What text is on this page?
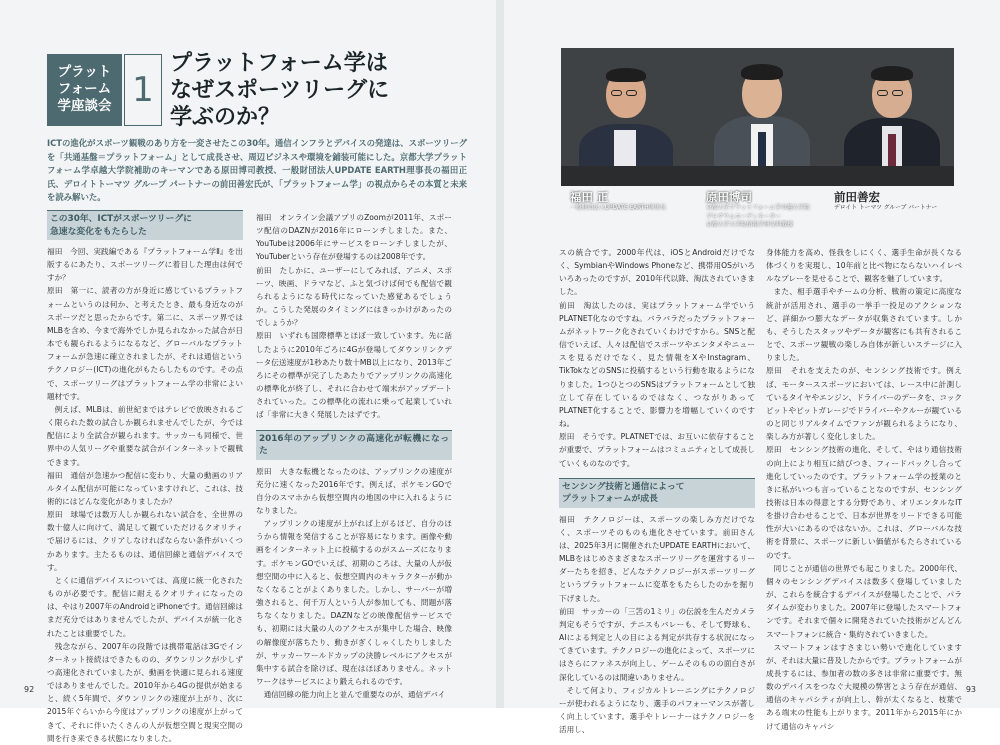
プラット
フォーム
学座談会 1
プラットフォーム学は
なぜスポーツリーグに
学ぶのか？

ICTの進化がスポーツ観戦のあり方を一変させたこの30年。通信インフラとデバイスの発達は、スポーツリーグを「共通基盤＝プラットフォーム」として成長させ、周辺ビジネスや環境を鋪装可能にした。京都大学プラットフォーム学卓越大学院補助のキーマンである原田博司教授、一般財団法人UPDATE EARTH理事長の福田正氏、デロイトトーマツ グループ パートナーの前田善宏氏が、「プラットフォーム学」の視点からその本質と未来を読み解いた。

この30年、ICTがスポーツリーグに
急速な変化をもたらした

福田　今回、実践編である『プラットフォーム学Ⅱ』を出版するにあたり、スポーツリーグに着目した理由は何ですか？

原田　第一に、読者の方が身近に感じているプラットフォームというのは何か、と考えたとき、最も身近なのがスポーツだと思ったからです。第二に、スポーツ界ではMLBを含め、今まで海外でしか見られなかった試合が日本でも観られるようになるなど、グローバルなプラットフォームが急速に確立されましたが、それは通信というテクノロジー(ICT)の進化がもたらしたものです。その点で、スポーツリーグはプラットフォーム学の非常によい題材です。

例えば、MLBは、前世紀まではテレビで放映されるごく限られた数の試合しか観られませんでしたが、今では配信により全試合が観られます。サッカーも同様で、世界中の人気リーグや重要な試合がインターネットで観戦できます。

福田　通信が急速かつ配信に変わり、大量の動画のリアルタイム配信が可能になっていますけれど、これは、技術的にはどんな変化がありましたか？

原田　球場では数万人しか観られない試合を、全世界の数十億人に向けて、満足して観ていただけるクオリティで届けるには、クリアしなければならない条件がいくつかあります。主たるものは、通信回線と通信デバイスです。

とくに通信デバイスについては、高度に統一化されたものが必要です。配信に耐えるクオリティになったのは、やはり2007年のAndroidとiPhoneです。通信回線はまだ充分ではありませんでしたが、デバイスが統一化されたことは重要でした。

残念ながら、2007年の段階では携帯電話は3Gでインターネット接続はできたものの、ダウンリンクが少しずつ高速化されていましたが、動画を快適に見られる速度ではありませんでした。2010年から4Gの提供が始まると、続く5年間で、ダウンリンクの速度が上がり、次に2015年ぐらいから今度はアップリンクの速度が上がってきて、それに伴いたくさんの人が仮想空間と現実空間の間を行き来できる状態になりました。

福田　オンライン会議アプリのZoomが2011年、スポーツ配信のDAZNが2016年にローンチしました。また、YouTubeは2006年にサービスをローンチしましたが、YouTuberという存在が登場するのは2008年です。

前田　たしかに、ユーザーにしてみれば、アニメ、スポーツ、映画、ドラマなど、ふと気づけば何でも配信で観られるようになる時代になっていた感覚あるでしょうか。こうした発展のタイミングにはきっかけがあったのでしょうか？

原田　いずれも国際標準とほぼ一致しています。先に話したように2010年ごろに4Gが登場してダウンリンクデータ伝送速度が1秒あたり数十MB以上になり、2013年ごろにその標準が完了したあたりでアップリンクの高速化の標準化が終了し、それに合わせて端末がアップデートされていった。この標準化の流れに乗って起業していれば「非常に大きく発展したはずです。

2016年のアップリンクの高速化が転機になった

原田　大きな転機となったのは、アップリンクの速度が充分に速くなった2016年です。例えば、ポケモンGOで自分のスマホから仮想空間内の地図の中に入れるようになりました。

アップリンクの速度が上がれば上がるほど、自分のほうから情報を発信することが容易になります。画像や動画をインターネット上に投稿するのがスムーズになります。ポケモンGOでいえば、初期のころは、大量の人が仮想空間の中に入ると、仮想空間内のキャラクターが動かなくなることがよくありました。しかし、サーバーが増強されると、何千万人という人が参加しても、問題が落ちなくなりました。DAZNなどの映像配信サービスでも、初期には大量の人のアクセスが集中した場合、映像の解像度が落ちたり、動きがぎくしゃくしたりしましたが、サッカーワールドカップの決勝レベルにアクセスが集中する試合を除けば、現在はほぼありません。ネットワークはサービスにより鍛えられるのです。

通信回線の能力向上と並んで重要なのが、通信デバイ

92
福田 正
一般財団法人UPDATE EARTH理事長
原田博司
京都大学プラットフォーム学卓越大学院
プログラムコーディネーター
京都大学大学院情報学研究科教授
前田善宏
デロイト トーマツ グループ パートナー

スの統合です。2000年代は、iOSとAndroidだけでなく、SymbianやWindows Phoneなど、携帯用OSがいろいろあったのですが、2010年代以降、淘汰されていきました。

前田　淘汰したのは、実はプラットフォーム学でいうPLATNET化なのですね。バラバラだったプラットフォームがネットワーク化されていくわけですから。SNSと配信でいえば、人々は配信でスポーツやエンタメやニュースを見るだけでなく、見た情報をXやInstagram、TikTokなどのSNSに投稿するという行動を取るようになりました。1つひとつのSNSはプラットフォームとして独立して存在しているのではなく、つながりあってPLATNET化することで、影響力を増幅していくのですね。

原田　そうです。PLATNETでは、お互いに依存することが重要で、プラットフォームはコミュニティとして成長していくものなのです。

センシング技術と通信によって
プラットフォームが成長

福田　テクノロジーは、スポーツの楽しみ方だけでなく、スポーツそのものも進化させています。前田さんは、2025年3月に開催されたUPDATE EARTHにおいて、MLBをはじめさまざまなスポーツリーグを運営するリーダーたちを招き、どんなテクノロジーがスポーツリーグというプラットフォームに変革をもたらしたのかを掘り下げました。

前田　サッカーの「三笘の1ミリ」の伝説を生んだカメラ判定もそうですが、テニスもバレーも、そして野球も、AIによる判定と人の目による判定が共存する状況になってきています。テクノロジーの進化によって、スポーツにはさらにファネスが向上し、ゲームそのものの面白さが深化しているのは間違いありません。

そして何より、フィジカルトレーニングにテクノロジーが使われるようになり、選手のパフォーマンスが著しく向上しています。選手やトレーナーはテクノロジーを活用し、

身体能力を高め、怪我をしにくく、選手生命が長くなる体づくりを実現し、10年前と比べ物にならないハイレベルなプレーを見せることで、観客を魅了しています。

また、相手選手やチームの分析、戦術の策定に高度な統計が活用され、選手の一挙手一投足のアクションなど、詳細かつ膨大なデータが収集されています。しかも、そうしたスタッツやデータが観客にも共有されることで、スポーツ観戦の楽しみ自体が新しいステージに入りました。

原田　それを支えたのが、センシング技術です。例えば、モーターススポーツにおいては、レース中に計測しているタイヤやエンジン、ドライバーのデータを、コックピットやピットガレージでドライバーやクルーが観ているのと同じリアルタイムでファンが観られるようになり、楽しみ方が著しく変化しました。

原田　センシング技術の進化、そして、やはり通信技術の向上により相互に結びつき、フィードバックし合って進化していったのです。プラットフォーム学の授業のときに私がいつも言っていることなのですが、センシング技術は日本の得意とする分野であり、オリエンタルなITを掛け合わせることで、日本が世界をリードできる可能性が大いにあるのではないか。これは、グローバルな技術を背景に、スポーツに新しい価値がもたらされているのです。

同じことが通信の世界でも起こりました。2000年代、個々のセンシングデバイスは数多く登場していましたが、これらを統合するデバイスが登場したことで、パラダイムが変わりました。2007年に登場したスマートフォンです。それまで個々に開発されていた技術がどんどんスマートフォンに統合・集約されていきました。

スマートフォンはすさまじい勢いで進化していますが、それは大量に普及したからです。プラットフォームが成長するには、参加者の数の多さは非常に重要です。無数のデバイスをつなぐ大規模の弊害とよう存在が通信、通信のキャパシティが向上し、幹が太くなると、枝葉である端末の性能も上がります。2011年から2015年にかけて通信のキャパシ

93
